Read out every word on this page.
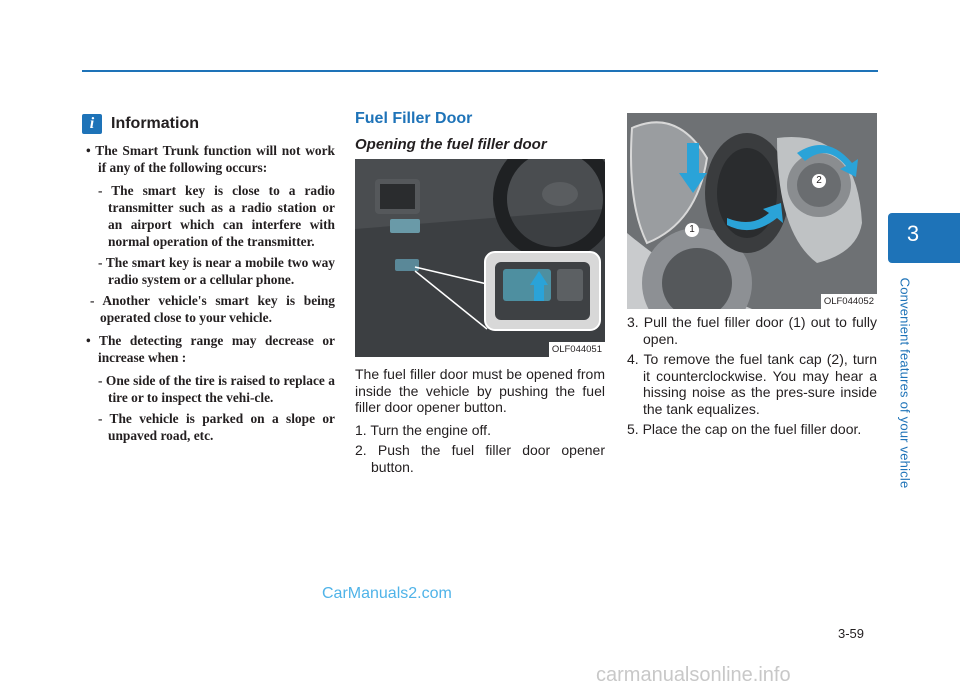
3
Convenient features of your vehicle
i	Information

• The Smart Trunk function will not work if any of the following occurs:

- The smart key is close to a radio transmitter such as a radio station or an airport which can interfere with normal operation of the transmitter.

- The smart key is near a mobile two way radio system or a cellular phone.

- Another vehicle's smart key is being operated close to your vehicle.

• The detecting range may decrease or increase when :

- One side of the tire is raised to replace a tire or to inspect the vehi-cle.

- The vehicle is parked on a slope or unpaved road, etc.

Fuel Filler Door
Opening the fuel filler door
OLF044051

The fuel filler door must be opened from inside the vehicle by pushing the fuel filler door opener button.

1. Turn the engine off.

2. Push the fuel filler door opener button.

1
2
OLF044052

3. Pull the fuel filler door (1) out to fully open.

4. To remove the fuel tank cap (2), turn it counterclockwise. You may hear a hissing noise as the pres-sure inside the tank equalizes.

5. Place the cap on the fuel filler door.

CarManuals2.com
3-59
carmanualsonline.info
